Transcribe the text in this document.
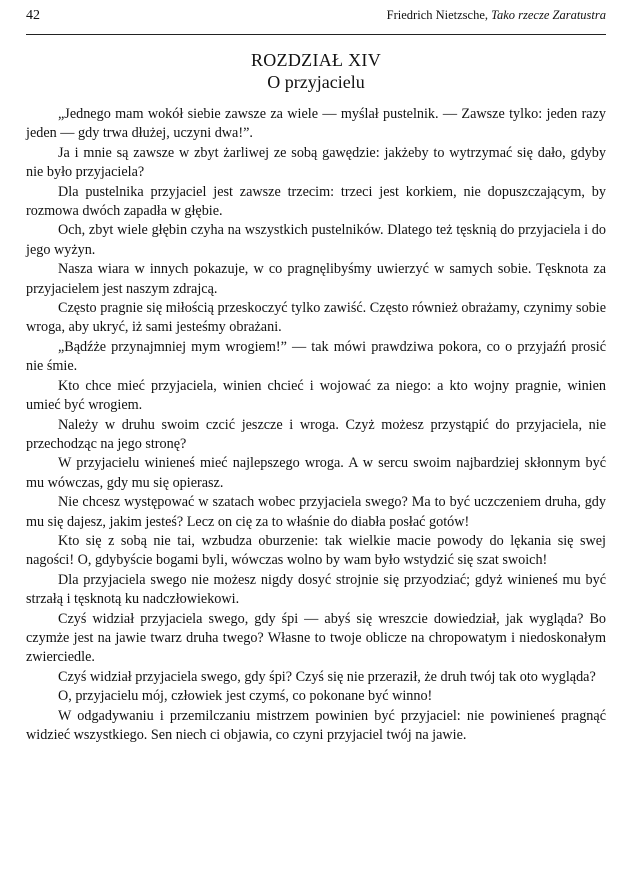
42	Friedrich Nietzsche, Tako rzecze Zaratustra
ROZDZIAŁ XIV
O przyjacielu

„Jednego mam wokół siebie zawsze za wiele — myślał pustelnik. — Zawsze tylko: jeden razy jeden — gdy trwa dłużej, uczyni dwa!”.

Ja i mnie są zawsze w zbyt żarliwej ze sobą gawędzie: jakżeby to wytrzymać się dało, gdyby nie było przyjaciela?

Dla pustelnika przyjaciel jest zawsze trzecim: trzeci jest korkiem, nie dopuszczającym, by rozmowa dwóch zapadła w głębie.

Och, zbyt wiele głębin czyha na wszystkich pustelników. Dlatego też tęsknią do przyjaciela i do jego wyżyn.

Nasza wiara w innych pokazuje, w co pragnęlibyśmy uwierzyć w samych sobie. Tęsknota za przyjacielem jest naszym zdrajcą.

Często pragnie się miłością przeskoczyć tylko zawiść. Często również obrażamy, czynimy sobie wroga, aby ukryć, iż sami jesteśmy obrażani.

„Bądźże przynajmniej mym wrogiem!” — tak mówi prawdziwa pokora, co o przyjaźń prosić nie śmie.

Kto chce mieć przyjaciela, winien chcieć i wojować za niego: a kto wojny pragnie, winien umieć być wrogiem.

Należy w druhu swoim czcić jeszcze i wroga. Czyż możesz przystąpić do przyjaciela, nie przechodząc na jego stronę?

W przyjacielu winieneś mieć najlepszego wroga. A w sercu swoim najbardziej skłonnym być mu wówczas, gdy mu się opierasz.

Nie chcesz występować w szatach wobec przyjaciela swego? Ma to być uczczeniem druha, gdy mu się dajesz, jakim jesteś? Lecz on cię za to właśnie do diabła posłać gotów!

Kto się z sobą nie tai, wzbudza oburzenie: tak wielkie macie powody do lękania się swej nagości! O, gdybyście bogami byli, wówczas wolno by wam było wstydzić się szat swoich!

Dla przyjaciela swego nie możesz nigdy dosyć strojnie się przyodziać; gdyż winieneś mu być strzałą i tęsknotą ku nadczłowiekowi.

Czyś widział przyjaciela swego, gdy śpi — abyś się wreszcie dowiedział, jak wygląda? Bo czymże jest na jawie twarz druha twego? Własne to twoje oblicze na chropowatym i niedoskonałym zwierciedle.

Czyś widział przyjaciela swego, gdy śpi? Czyś się nie przeraził, że druh twój tak oto wygląda?

O, przyjacielu mój, człowiek jest czymś, co pokonane być winno!

W odgadywaniu i przemilczaniu mistrzem powinien być przyjaciel: nie powinieneś pragnąć widzieć wszystkiego. Sen niech ci objawia, co czyni przyjaciel twój na jawie.
